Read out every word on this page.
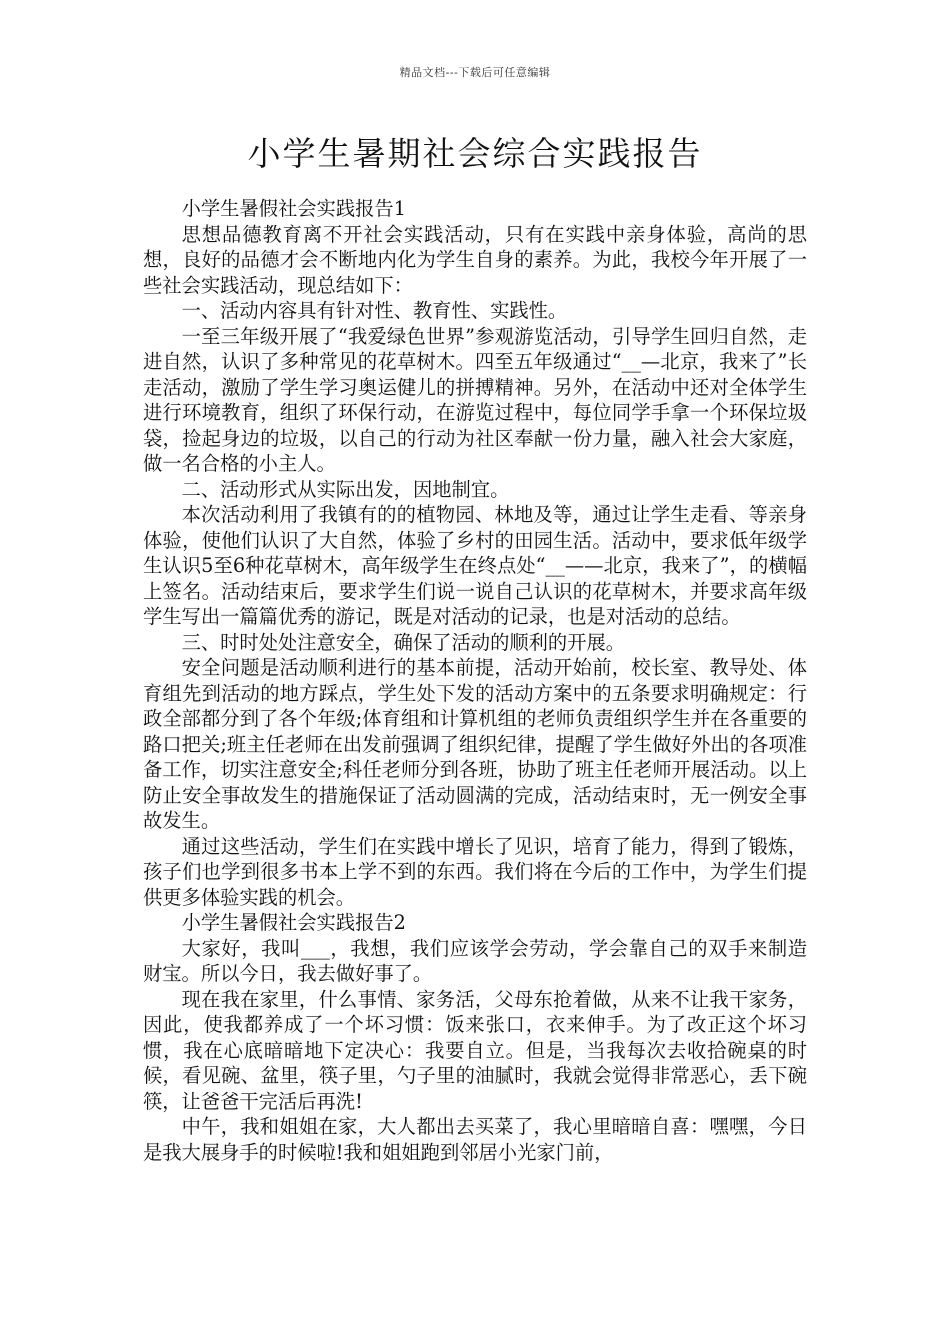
精品文档---下载后可任意编辑
小学生暑期社会综合实践报告

小学生暑假社会实践报告1

思想品德教育离不开社会实践活动，只有在实践中亲身体验，高尚的思想，良好的品德才会不断地内化为学生自身的素养。为此，我校今年开展了一些社会实践活动，现总结如下：

一、活动内容具有针对性、教育性、实践性。

一至三年级开展了“我爱绿色世界”参观游览活动，引导学生回归自然，走进自然，认识了多种常见的花草树木。四至五年级通过“__—北京，我来了”长走活动，激励了学生学习奥运健儿的拼搏精神。另外，在活动中还对全体学生进行环境教育，组织了环保行动，在游览过程中，每位同学手拿一个环保垃圾袋，捡起身边的垃圾，以自己的行动为社区奉献一份力量，融入社会大家庭，做一名合格的小主人。

二、活动形式从实际出发，因地制宜。

本次活动利用了我镇有的的植物园、林地及等，通过让学生走看、等亲身体验，使他们认识了大自然，体验了乡村的田园生活。活动中，要求低年级学生认识5至6种花草树木，高年级学生在终点处“__——北京，我来了”，的横幅上签名。活动结束后，要求学生们说一说自己认识的花草树木，并要求高年级学生写出一篇篇优秀的游记，既是对活动的记录，也是对活动的总结。

三、时时处处注意安全，确保了活动的顺利的开展。

安全问题是活动顺利进行的基本前提，活动开始前，校长室、教导处、体育组先到活动的地方踩点，学生处下发的活动方案中的五条要求明确规定：行政全部都分到了各个年级;体育组和计算机组的老师负责组织学生并在各重要的路口把关;班主任老师在出发前强调了组织纪律，提醒了学生做好外出的各项准备工作，切实注意安全;科任老师分到各班，协助了班主任老师开展活动。以上防止安全事故发生的措施保证了活动圆满的完成，活动结束时，无一例安全事故发生。

通过这些活动，学生们在实践中增长了见识，培育了能力，得到了锻炼，孩子们也学到很多书本上学不到的东西。我们将在今后的工作中，为学生们提供更多体验实践的机会。

小学生暑假社会实践报告2

大家好，我叫___，我想，我们应该学会劳动，学会靠自己的双手来制造财宝。所以今日，我去做好事了。

现在我在家里，什么事情、家务活，父母东抢着做，从来不让我干家务，因此，使我都养成了一个坏习惯：饭来张口，衣来伸手。为了改正这个坏习惯，我在心底暗暗地下定决心：我要自立。但是，当我每次去收拾碗桌的时候，看见碗、盆里，筷子里，勺子里的油腻时，我就会觉得非常恶心，丢下碗筷，让爸爸干完活后再洗!

中午，我和姐姐在家，大人都出去买菜了，我心里暗暗自喜：嘿嘿，今日是我大展身手的时候啦!我和姐姐跑到邻居小光家门前，
